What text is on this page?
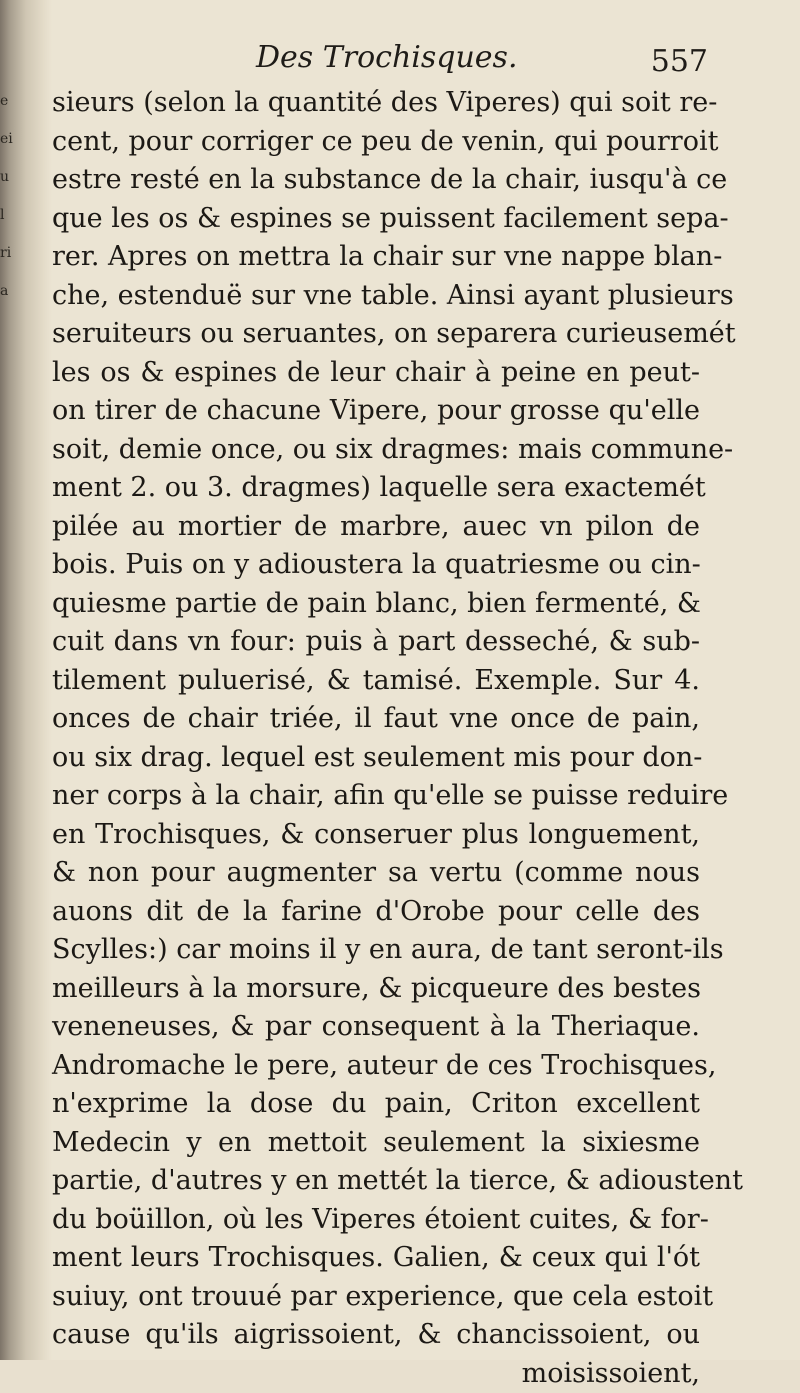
e
ei
u
l
ri
a
Des Trochisques.	557
sieurs (selon la quantité des Viperes) qui soit re-
cent, pour corriger ce peu de venin, qui pourroit
estre resté en la substance de la chair, iusqu'à ce
que les os & espines se puissent facilement sepa-
rer. Apres on mettra la chair sur vne nappe blan-
che, estenduë sur vne table. Ainsi ayant plusieurs
seruiteurs ou seruantes, on separera curieusemét
les os & espines de leur chair à peine en peut-
on tirer de chacune Vipere, pour grosse qu'elle
soit, demie once, ou six dragmes: mais commune-
ment 2. ou 3. dragmes) laquelle sera exactemét
pilée au mortier de marbre, auec vn pilon de
bois. Puis on y adioustera la quatriesme ou cin-
quiesme partie de pain blanc, bien fermenté, &
cuit dans vn four: puis à part desseché, & sub-
tilement puluerisé, & tamisé. Exemple. Sur 4.
onces de chair triée, il faut vne once de pain,
ou six drag. lequel est seulement mis pour don-
ner corps à la chair, afin qu'elle se puisse reduire
en Trochisques, & conseruer plus longuement,
& non pour augmenter sa vertu (comme nous
auons dit de la farine d'Orobe pour celle des
Scylles:) car moins il y en aura, de tant seront-ils
meilleurs à la morsure, & picqueure des bestes
veneneuses, & par consequent à la Theriaque.
Andromache le pere, auteur de ces Trochisques,
n'exprime la dose du pain, Criton excellent
Medecin y en mettoit seulement la sixiesme
partie, d'autres y en mettét la tierce, & adioustent
du boüillon, où les Viperes étoient cuites, & for-
ment leurs Trochisques. Galien, & ceux qui l'ót
suiuy, ont trouué par experience, que cela estoit
cause qu'ils aigrissoient, & chancissoient, ou
moisissoient,
